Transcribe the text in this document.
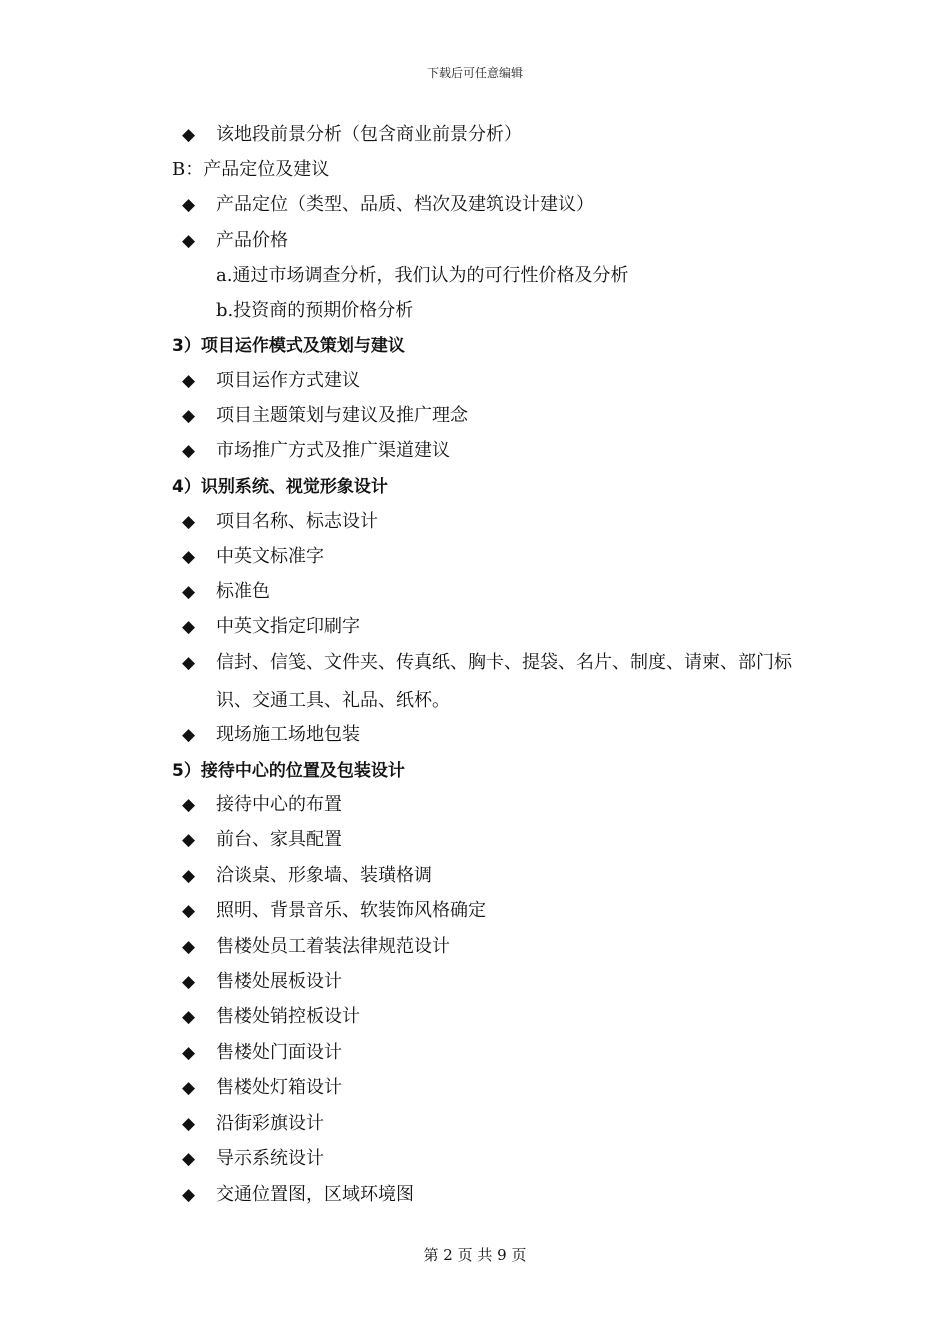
下载后可任意编辑
◆ 该地段前景分析（包含商业前景分析）
B：产品定位及建议
◆ 产品定位（类型、品质、档次及建筑设计建议）
◆ 产品价格
a.通过市场调查分析，我们认为的可行性价格及分析
b.投资商的预期价格分析
3）项目运作模式及策划与建议
◆ 项目运作方式建议
◆ 项目主题策划与建议及推广理念
◆ 市场推广方式及推广渠道建议
4）识别系统、视觉形象设计
◆ 项目名称、标志设计
◆ 中英文标准字
◆ 标准色
◆ 中英文指定印刷字
◆ 信封、信笺、文件夹、传真纸、胸卡、提袋、名片、制度、请柬、部门标
识、交通工具、礼品、纸杯。
◆ 现场施工场地包装
5）接待中心的位置及包装设计
◆ 接待中心的布置
◆ 前台、家具配置
◆ 洽谈桌、形象墙、装璜格调
◆ 照明、背景音乐、软装饰风格确定
◆ 售楼处员工着装法律规范设计
◆ 售楼处展板设计
◆ 售楼处销控板设计
◆ 售楼处门面设计
◆ 售楼处灯箱设计
◆ 沿街彩旗设计
◆ 导示系统设计
◆ 交通位置图，区域环境图
第 2 页 共 9 页
